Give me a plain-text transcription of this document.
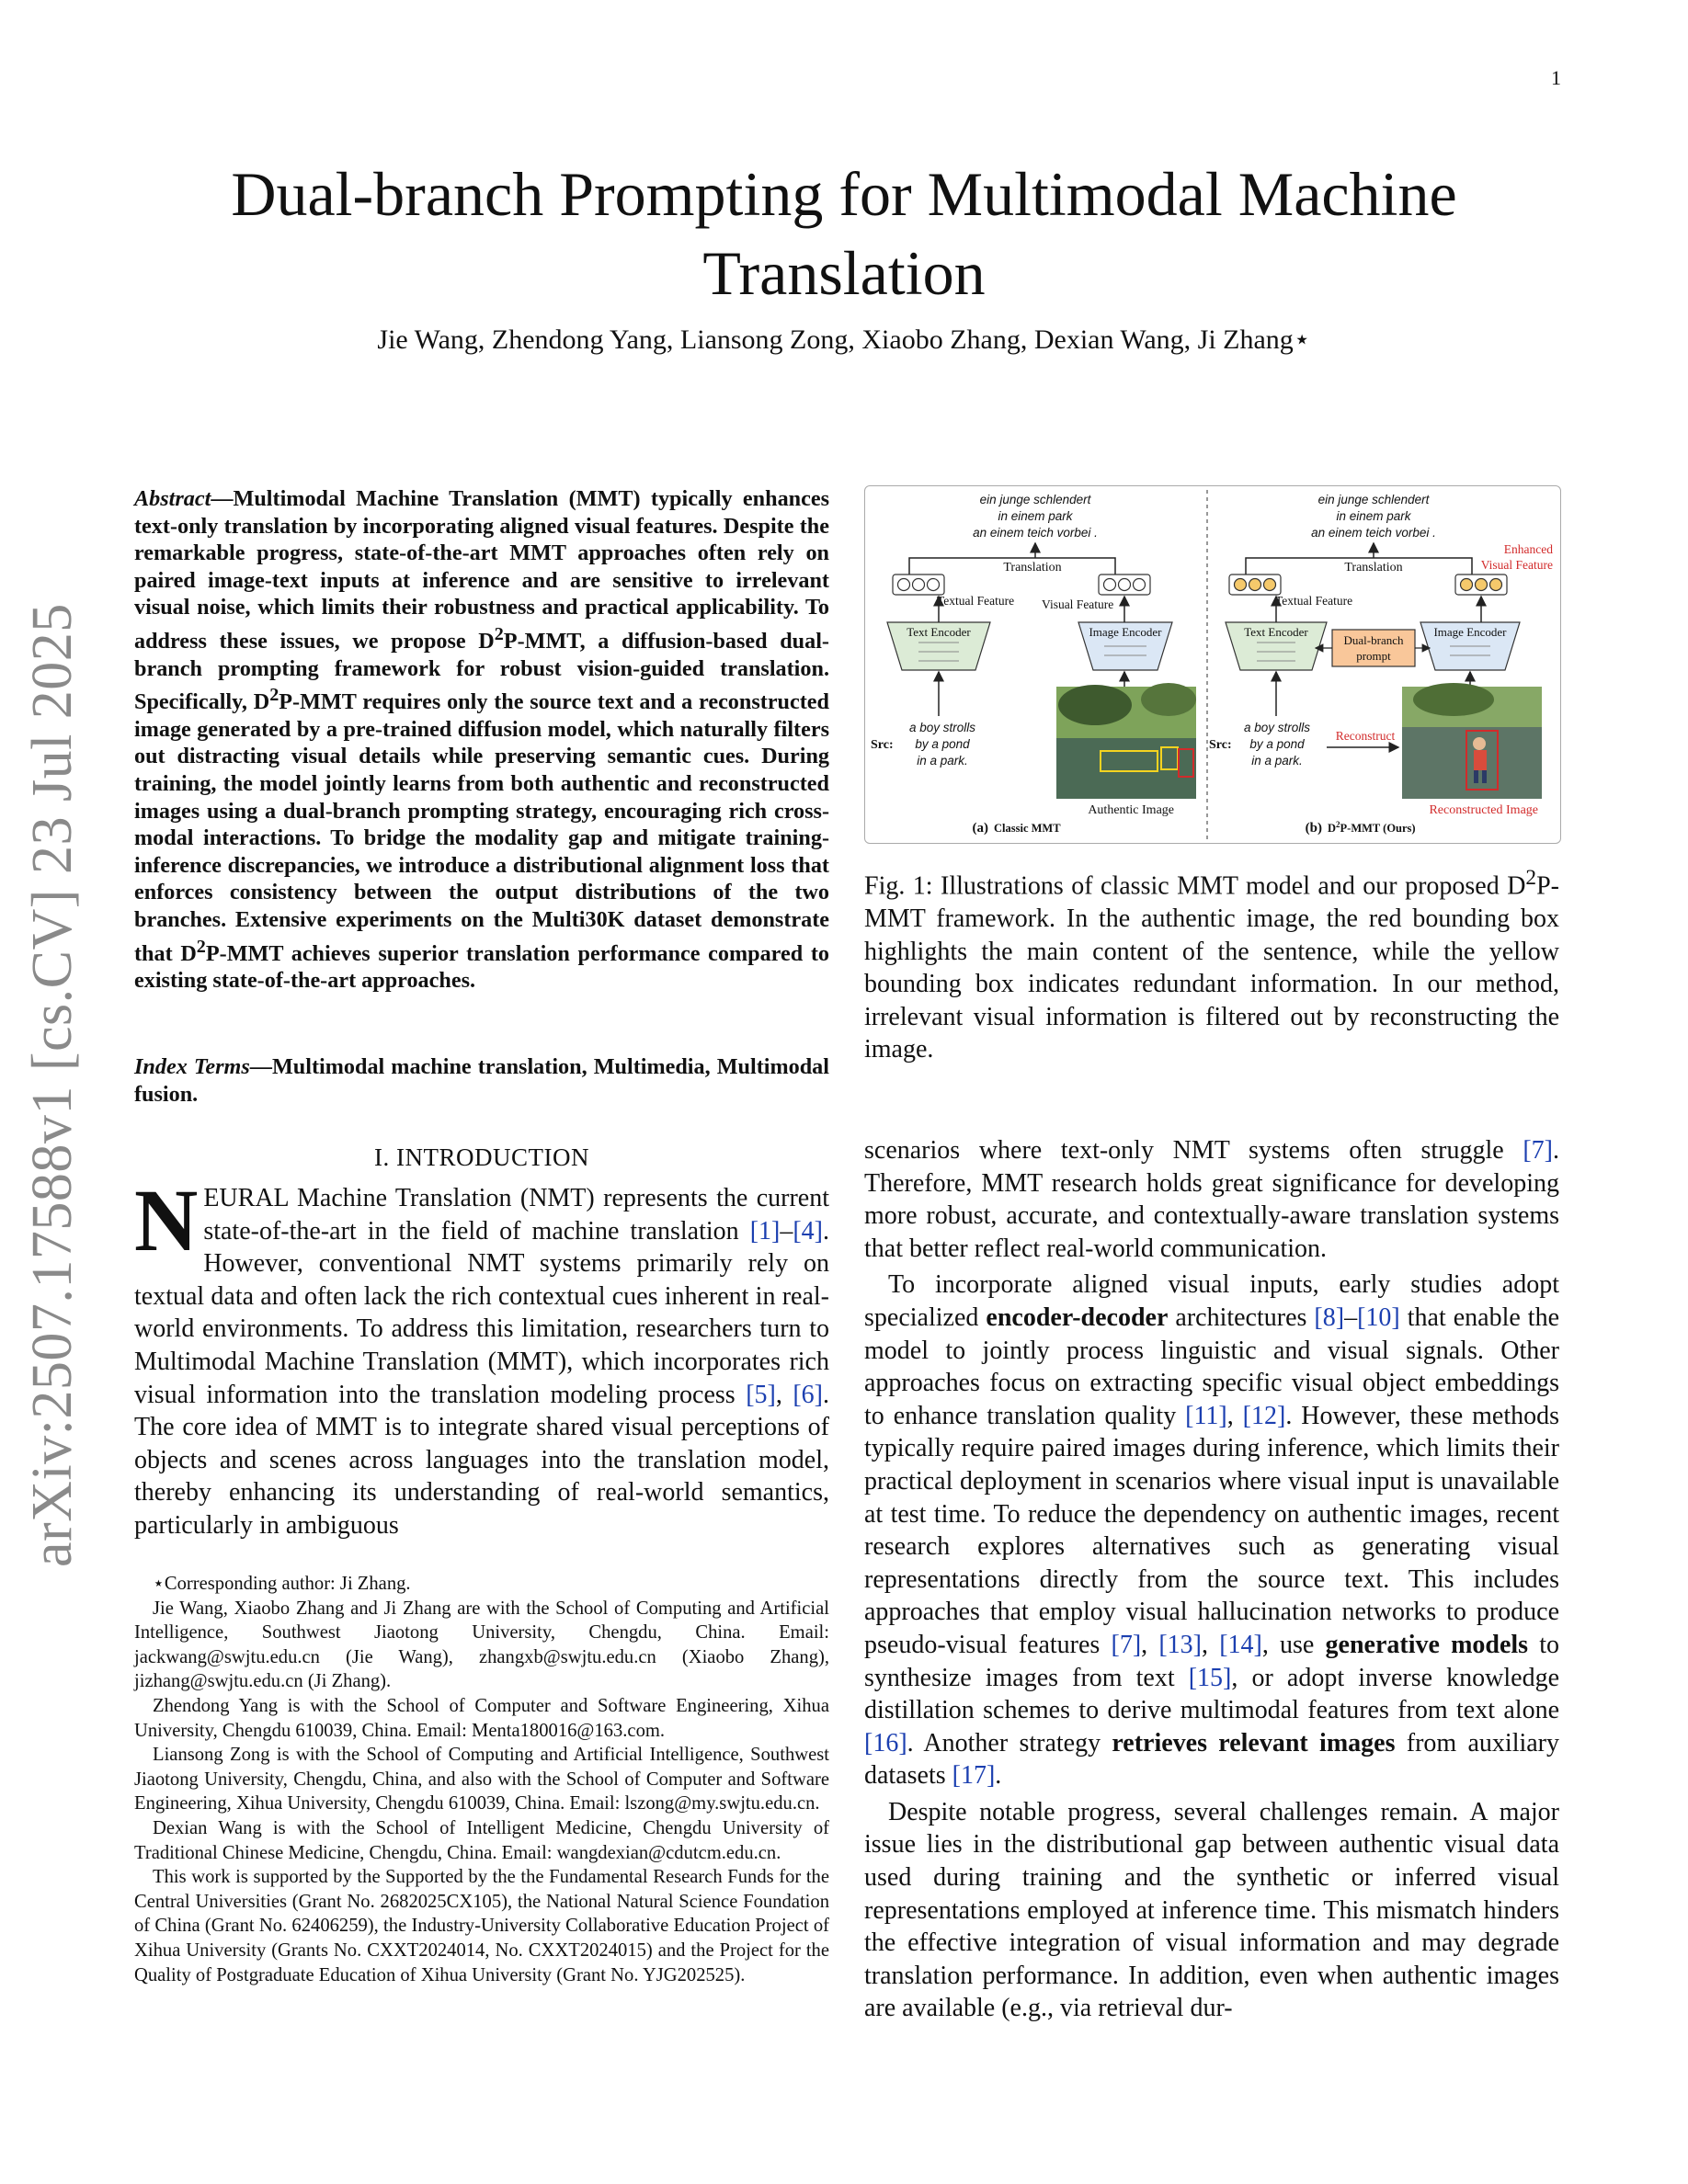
1
Dual-branch Prompting for Multimodal Machine Translation
Jie Wang, Zhendong Yang, Liansong Zong, Xiaobo Zhang, Dexian Wang, Ji Zhang⋆
arXiv:2507.17588v1 [cs.CV] 23 Jul 2025
Abstract—Multimodal Machine Translation (MMT) typically enhances text-only translation by incorporating aligned visual features. Despite the remarkable progress, state-of-the-art MMT approaches often rely on paired image-text inputs at inference and are sensitive to irrelevant visual noise, which limits their robustness and practical applicability. To address these issues, we propose $D^2P$-MMT, a diffusion-based dual-branch prompting framework for robust vision-guided translation. Specifically, $D^2P$-MMT requires only the source text and a reconstructed image generated by a pre-trained diffusion model, which naturally filters out distracting visual details while preserving semantic cues. During training, the model jointly learns from both authentic and reconstructed images using a dual-branch prompting strategy, encouraging rich cross-modal interactions. To bridge the modality gap and mitigate training-inference discrepancies, we introduce a distributional alignment loss that enforces consistency between the output distributions of the two branches. Extensive experiments on the Multi30K dataset demonstrate that $D^2P$-MMT achieves superior translation performance compared to existing state-of-the-art approaches.
Index Terms—Multimodal machine translation, Multimedia, Multimodal fusion.
I. INTRODUCTION

NEURAL Machine Translation (NMT) represents the current state-of-the-art in the field of machine translation [1]–[4]. However, conventional NMT systems primarily rely on textual data and often lack the rich contextual cues inherent in real-world environments. To address this limitation, researchers turn to Multimodal Machine Translation (MMT), which incorporates rich visual information into the translation modeling process [5], [6]. The core idea of MMT is to integrate shared visual perceptions of objects and scenes across languages into the translation model, thereby enhancing its understanding of real-world semantics, particularly in ambiguous

⋆Corresponding author: Ji Zhang.

Jie Wang, Xiaobo Zhang and Ji Zhang are with the School of Computing and Artificial Intelligence, Southwest Jiaotong University, Chengdu, China. Email: jackwang@swjtu.edu.cn (Jie Wang), zhangxb@swjtu.edu.cn (Xiaobo Zhang), jizhang@swjtu.edu.cn (Ji Zhang).

Zhendong Yang is with the School of Computer and Software Engineering, Xihua University, Chengdu 610039, China. Email: Menta180016@163.com.

Liansong Zong is with the School of Computing and Artificial Intelligence, Southwest Jiaotong University, Chengdu, China, and also with the School of Computer and Software Engineering, Xihua University, Chengdu 610039, China. Email: lszong@my.swjtu.edu.cn.

Dexian Wang is with the School of Intelligent Medicine, Chengdu University of Traditional Chinese Medicine, Chengdu, China. Email: wangdexian@cdutcm.edu.cn.

This work is supported by the Supported by the the Fundamental Research Funds for the Central Universities (Grant No. 2682025CX105), the National Natural Science Foundation of China (Grant No. 62406259), the Industry-University Collaborative Education Project of Xihua University (Grants No. CXXT2024014, No. CXXT2024015) and the Project for the Quality of Postgraduate Education of Xihua University (Grant No. YJG202525).

ein junge schlendert
in einem park
an einem teich vorbei .
Translation
Textual Feature Visual Feature
Text Encoder	Image Encoder
Src:
a boy strolls
by a pond
in a park.
Authentic Image
(a) Classic MMT
ein junge schlendert
in einem park
an einem teich vorbei .
Translation
Enhanced
Visual Feature
Textual Feature
Text Encoder	Image Encoder
Dual-branch
prompt
Src:
a boy strolls
by a pond
in a park.
Reconstruct
Reconstructed Image
(b) $D^2P$-MMT (Ours)
Fig. 1: Illustrations of classic MMT model and our proposed $D^2P$-MMT framework. In the authentic image, the red bounding box highlights the main content of the sentence, while the yellow bounding box indicates redundant information. In our method, irrelevant visual information is filtered out by reconstructing the image.

scenarios where text-only NMT systems often struggle [7]. Therefore, MMT research holds great significance for developing more robust, accurate, and contextually-aware translation systems that better reflect real-world communication.

To incorporate aligned visual inputs, early studies adopt specialized encoder-decoder architectures [8]–[10] that enable the model to jointly process linguistic and visual signals. Other approaches focus on extracting specific visual object embeddings to enhance translation quality [11], [12]. However, these methods typically require paired images during inference, which limits their practical deployment in scenarios where visual input is unavailable at test time. To reduce the dependency on authentic images, recent research explores alternatives such as generating visual representations directly from the source text. This includes approaches that employ visual hallucination networks to produce pseudo-visual features [7], [13], [14], use generative models to synthesize images from text [15], or adopt inverse knowledge distillation schemes to derive multimodal features from text alone [16]. Another strategy retrieves relevant images from auxiliary datasets [17].

Despite notable progress, several challenges remain. A major issue lies in the distributional gap between authentic visual data used during training and the synthetic or inferred visual representations employed at inference time. This mismatch hinders the effective integration of visual information and may degrade translation performance. In addition, even when authentic images are available (e.g., via retrieval dur-
